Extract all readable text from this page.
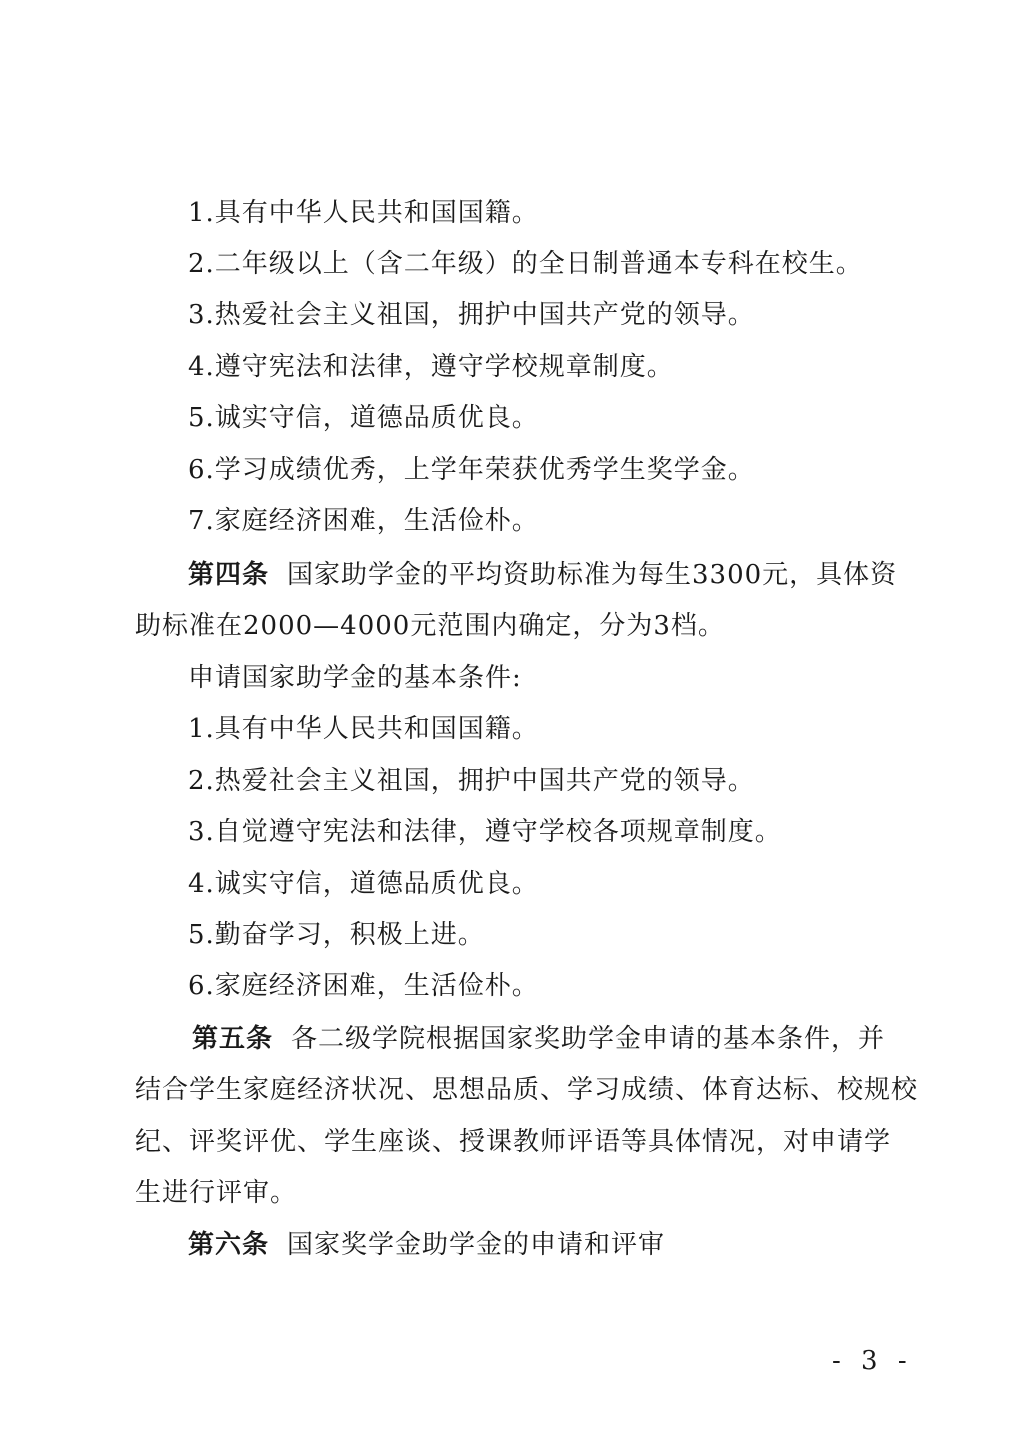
1.具有中华人民共和国国籍。
2.二年级以上（含二年级）的全日制普通本专科在校生。
3.热爱社会主义祖国，拥护中国共产党的领导。
4.遵守宪法和法律，遵守学校规章制度。
5.诚实守信，道德品质优良。
6.学习成绩优秀，上学年荣获优秀学生奖学金。
7.家庭经济困难，生活俭朴。
第四条 国家助学金的平均资助标准为每生3300元，具体资
助标准在2000—4000元范围内确定，分为3档。
申请国家助学金的基本条件:
1.具有中华人民共和国国籍。
2.热爱社会主义祖国，拥护中国共产党的领导。
3.自觉遵守宪法和法律，遵守学校各项规章制度。
4.诚实守信，道德品质优良。
5.勤奋学习，积极上进。
6.家庭经济困难，生活俭朴。
第五条 各二级学院根据国家奖助学金申请的基本条件，并
结合学生家庭经济状况、思想品质、学习成绩、体育达标、校规校
纪、评奖评优、学生座谈、授课教师评语等具体情况，对申请学
生进行评审。
第六条 国家奖学金助学金的申请和评审
- 3 -
